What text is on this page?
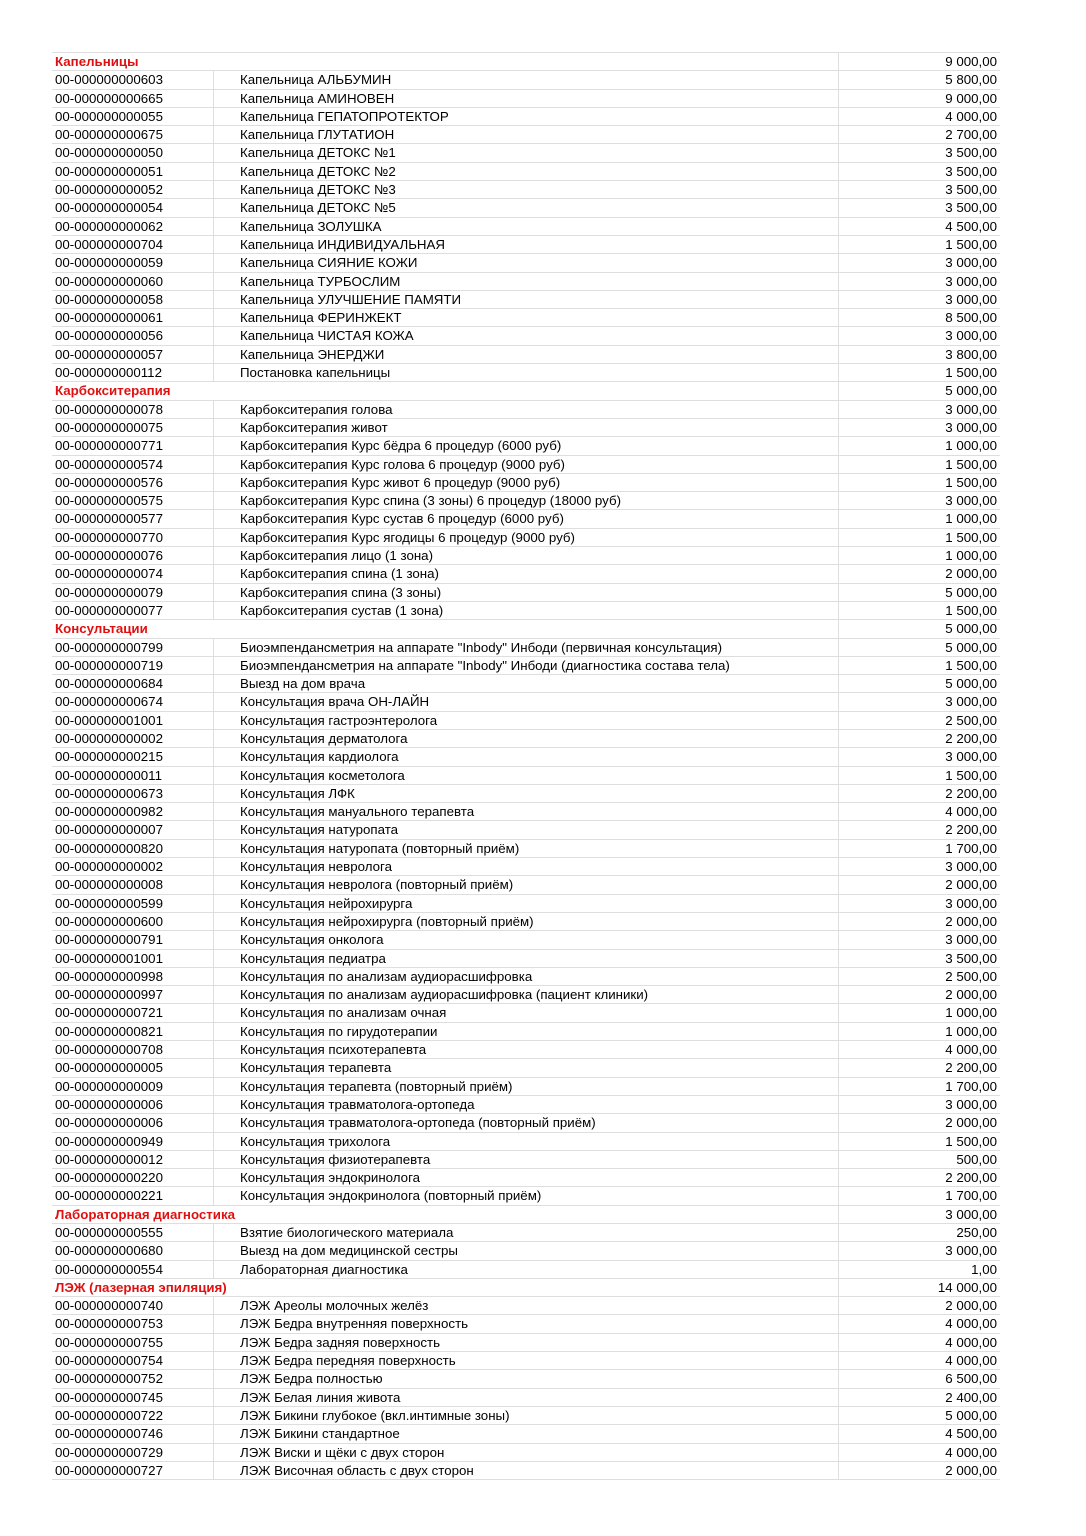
Капельницы			9 000,00
00-000000000603		Капельница АЛЬБУМИН	5 800,00
00-000000000665		Капельница АМИНОВЕН	9 000,00
00-000000000055		Капельница ГЕПАТОПРОТЕКТОР	4 000,00
00-000000000675		Капельница ГЛУТАТИОН	2 700,00
00-000000000050		Капельница ДЕТОКС №1	3 500,00
00-000000000051		Капельница ДЕТОКС №2	3 500,00
00-000000000052		Капельница ДЕТОКС №3	3 500,00
00-000000000054		Капельница ДЕТОКС №5	3 500,00
00-000000000062		Капельница ЗОЛУШКА	4 500,00
00-000000000704		Капельница ИНДИВИДУАЛЬНАЯ	1 500,00
00-000000000059		Капельница СИЯНИЕ КОЖИ	3 000,00
00-000000000060		Капельница ТУРБОСЛИМ	3 000,00
00-000000000058		Капельница УЛУЧШЕНИЕ ПАМЯТИ	3 000,00
00-000000000061		Капельница ФЕРИНЖЕКТ	8 500,00
00-000000000056		Капельница ЧИСТАЯ КОЖА	3 000,00
00-000000000057		Капельница ЭНЕРДЖИ	3 800,00
00-000000000112		Постановка капельницы	1 500,00
Карбокситерапия			5 000,00
00-000000000078		Карбокситерапия голова	3 000,00
00-000000000075		Карбокситерапия живот	3 000,00
00-000000000771		Карбокситерапия Курс бёдра 6 процедур (6000 руб)	1 000,00
00-000000000574		Карбокситерапия Курс голова 6 процедур (9000 руб)	1 500,00
00-000000000576		Карбокситерапия Курс живот 6 процедур (9000 руб)	1 500,00
00-000000000575		Карбокситерапия Курс спина (3 зоны) 6 процедур (18000 руб)	3 000,00
00-000000000577		Карбокситерапия Курс сустав 6 процедур (6000 руб)	1 000,00
00-000000000770		Карбокситерапия Курс ягодицы 6 процедур (9000 руб)	1 500,00
00-000000000076		Карбокситерапия лицо (1 зона)	1 000,00
00-000000000074		Карбокситерапия спина (1 зона)	2 000,00
00-000000000079		Карбокситерапия спина (3 зоны)	5 000,00
00-000000000077		Карбокситерапия сустав (1 зона)	1 500,00
Консультации			5 000,00
00-000000000799		Биоэмпендансметрия на аппарате "Inbody" Инбоди (первичная консультация)	5 000,00
00-000000000719		Биоэмпендансметрия на аппарате "Inbody" Инбоди (диагностика состава тела)	1 500,00
00-000000000684		Выезд на дом врача	5 000,00
00-000000000674		Консультация врача ОН-ЛАЙН	3 000,00
00-000000001001		Консультация гастроэнтеролога	2 500,00
00-000000000002		Консультация дерматолога	2 200,00
00-000000000215		Консультация кардиолога	3 000,00
00-000000000011		Консультация косметолога	1 500,00
00-000000000673		Консультация ЛФК	2 200,00
00-000000000982		Консультация мануального терапевта	4 000,00
00-000000000007		Консультация натуропата	2 200,00
00-000000000820		Консультация натуропата (повторный приём)	1 700,00
00-000000000002		Консультация невролога	3 000,00
00-000000000008		Консультация невролога (повторный приём)	2 000,00
00-000000000599		Консультация нейрохирурга	3 000,00
00-000000000600		Консультация нейрохирурга (повторный приём)	2 000,00
00-000000000791		Консультация онколога	3 000,00
00-000000001001		Консультация педиатра	3 500,00
00-000000000998		Консультация по анализам аудиорасшифровка	2 500,00
00-000000000997		Консультация по анализам аудиорасшифровка (пациент клиники)	2 000,00
00-000000000721		Консультация по анализам очная	1 000,00
00-000000000821		Консультация по гирудотерапии	1 000,00
00-000000000708		Консультация психотерапевта	4 000,00
00-000000000005		Консультация терапевта	2 200,00
00-000000000009		Консультация терапевта (повторный приём)	1 700,00
00-000000000006		Консультация травматолога-ортопеда	3 000,00
00-000000000006		Консультация травматолога-ортопеда (повторный приём)	2 000,00
00-000000000949		Консультация трихолога	1 500,00
00-000000000012		Консультация физиотерапевта	500,00
00-000000000220		Консультация эндокринолога	2 200,00
00-000000000221		Консультация эндокринолога (повторный приём)	1 700,00
Лабораторная диагностика			3 000,00
00-000000000555		Взятие биологического материала	250,00
00-000000000680		Выезд на дом медицинской сестры	3 000,00
00-000000000554		Лабораторная диагностика	1,00
ЛЭЖ (лазерная эпиляция)			14 000,00
00-000000000740		ЛЭЖ Ареолы молочных желёз	2 000,00
00-000000000753		ЛЭЖ Бедра внутренняя поверхность	4 000,00
00-000000000755		ЛЭЖ Бедра задняя поверхность	4 000,00
00-000000000754		ЛЭЖ Бедра передняя поверхность	4 000,00
00-000000000752		ЛЭЖ Бедра полностью	6 500,00
00-000000000745		ЛЭЖ Белая линия живота	2 400,00
00-000000000722		ЛЭЖ Бикини глубокое (вкл.интимные зоны)	5 000,00
00-000000000746		ЛЭЖ Бикини стандартное	4 500,00
00-000000000729		ЛЭЖ Виски и щёки с двух сторон	4 000,00
00-000000000727		ЛЭЖ Височная область с двух сторон	2 000,00
